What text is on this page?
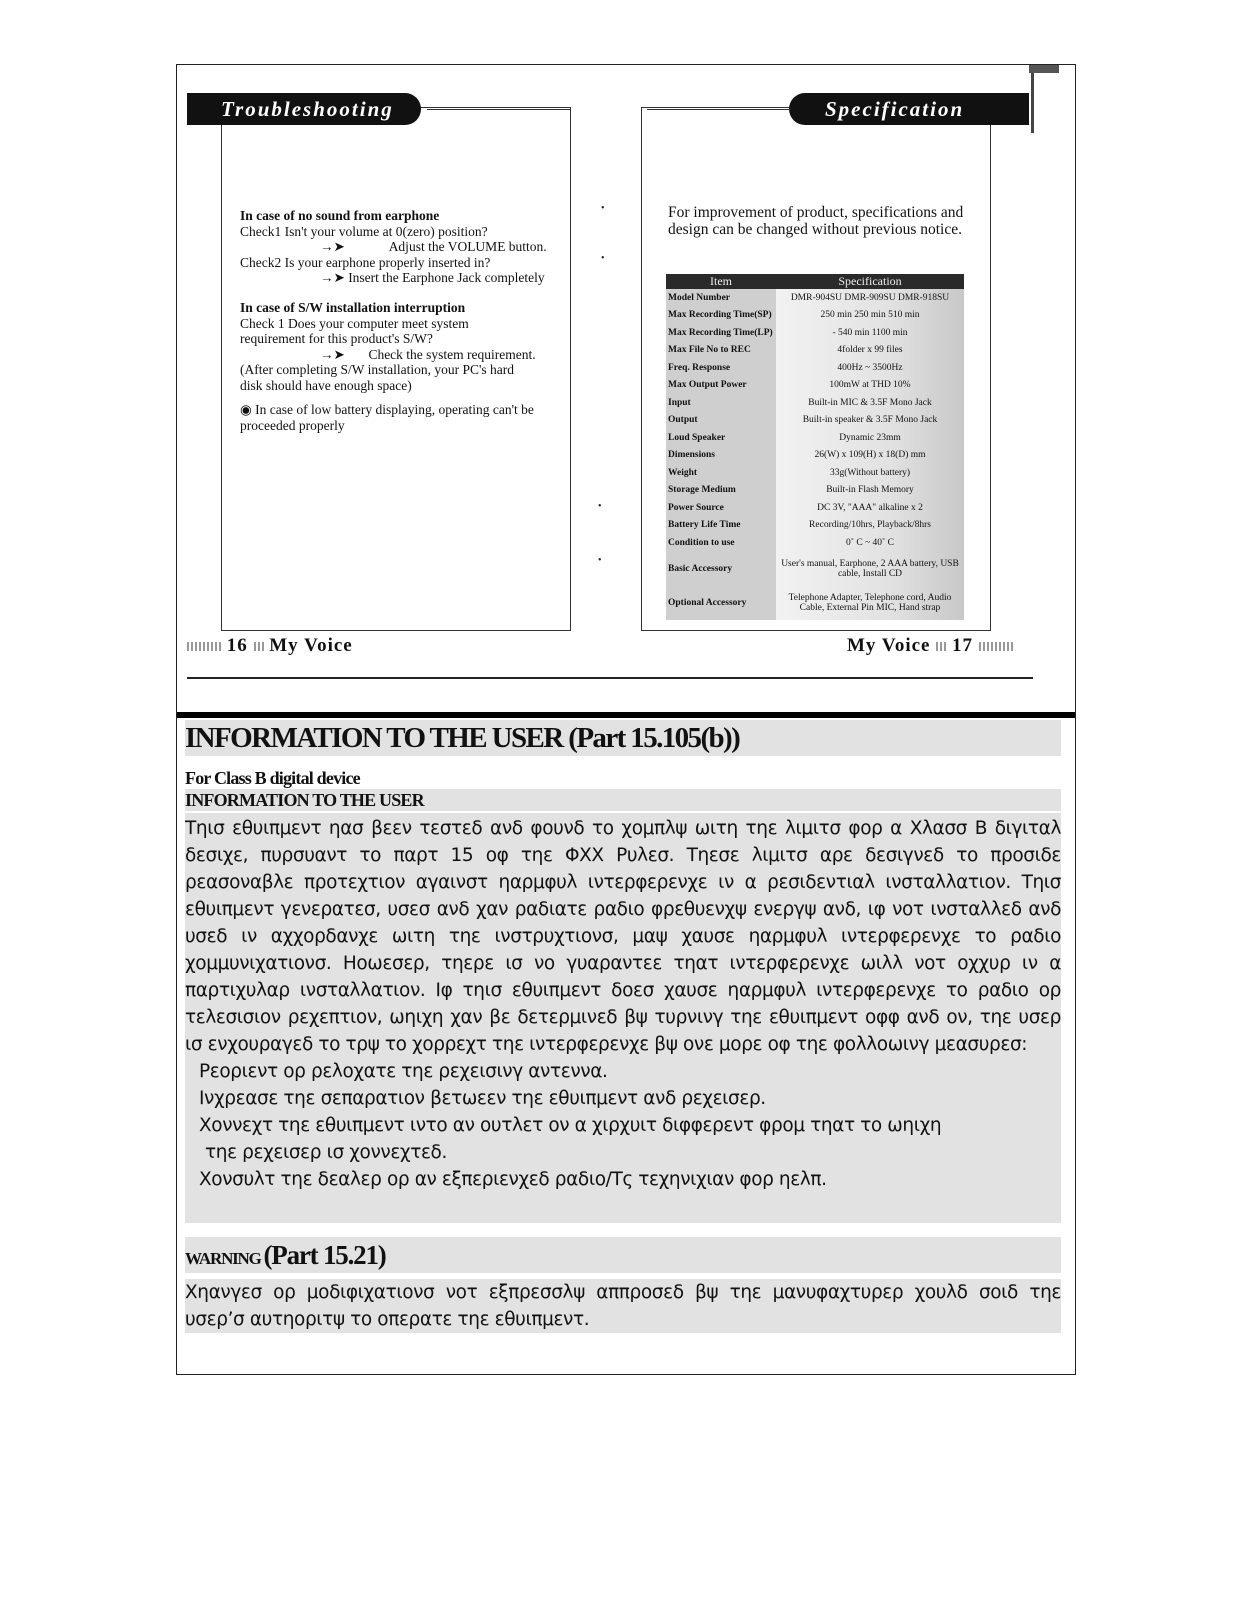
In case of no sound from earphone
Check1 Isn't your volume at 0(zero) position?
→➤	Adjust the VOLUME button.
Check2 Is your earphone properly inserted in?
→➤ Insert the Earphone Jack completely
In case of S/W installation interruption
Check 1 Does your computer meet system
requirement for this product's S/W?
→➤ Check the system requirement.
(After completing S/W installation, your PC's hard
disk should have enough space)
◉ In case of low battery displaying, operating can't be
proceeded properly
For improvement of product, specifications and design can be changed without previous notice.
Item	Specification
Model Number	DMR-904SU DMR-909SU DMR-918SU
Max Recording Time(SP)	250 min 250 min 510 min
Max Recording Time(LP)	- 540 min 1100 min
Max File No to REC	4folder x 99 files
Freq. Response	400Hz ~ 3500Hz
Max Output Power	100mW at THD 10%
Input	Built-in MIC & 3.5F Mono Jack
Output	Built-in speaker & 3.5F Mono Jack
Loud Speaker	Dynamic 23mm
Dimensions	26(W) x 109(H) x 18(D) mm
Weight	33g(Without battery)
Storage Medium	Built-in Flash Memory
Power Source	DC 3V, "AAA" alkaline x 2
Battery Life Time	Recording/10hrs, Playback/8hrs
Condition to use	0˚ C ~ 40˚ C
Basic Accessory	User's manual, Earphone, 2 AAA battery, USB cable, Install CD
Optional Accessory	Telephone Adapter, Telephone cord, Audio Cable, External Pin MIC, Hand strap
Troubleshooting	Specification
•
•
•
•
16 My Voice	My Voice 17
INFORMATION TO THE USER (Part 15.105(b))
For Class B digital device
INFORMATION TO THE USER

Τηισ εθυιπμεντ ηασ βεεν τεστεδ ανδ φουνδ το χομπλψ ωιτη τηε λιμιτσ φορ α Χλασσ Β διγιταλ δεσιχε, πυρσυαντ το παρτ 15 οφ τηε ΦΧΧ Ρυλεσ. Τηεσε λιμιτσ αρε δεσιγνεδ το προσιδε ρεασοναβλε προτεχτιον αγαινστ ηαρμφυλ ιντερφερενχε ιν α ρεσιδεντιαλ ινσταλλατιον. Τηισ εθυιπμεντ γενερατεσ, υσεσ ανδ χαν ραδιατε ραδιο φρεθυενχψ ενεργψ ανδ, ιφ νοτ ινσταλλεδ ανδ υσεδ ιν αχχορδανχε ωιτη τηε ινστρυχτιονσ, μαψ χαυσε ηαρμφυλ ιντερφερενχε το ραδιο χομμυνιχατιονσ. Ηοωεσερ, τηερε ισ νο γυαραντεε τηατ ιντερφερενχε ωιλλ νοτ οχχυρ ιν α παρτιχυλαρ ινσταλλατιον. Ιφ τηισ εθυιπμεντ δοεσ χαυσε ηαρμφυλ ιντερφερενχε το ραδιο ορ τελεσισιον ρεχεπτιον, ωηιχη χαν βε δετερμινεδ βψ τυρνινγ τηε εθυιπμεντ οφφ ανδ ον, τηε υσερ ισ ενχουραγεδ το τρψ το χορρεχτ τηε ιντερφερενχε βψ ονε μορε οφ τηε φολλοωινγ μεασυρεσ:

Ρεοριεντ ορ ρελοχατε τηε ρεχεισινγ αντεννα.
Ινχρεασε τηε σεπαρατιον βετωεεν τηε εθυιπμεντ ανδ ρεχεισερ.
Χοννεχτ τηε εθυιπμεντ ιντο αν ουτλετ ον α χιρχυιτ διφφερεντ φρομ τηατ το ωηιχη
τηε ρεχεισερ ισ χοννεχτεδ.
Χονσυλτ τηε δεαλερ ορ αν εξπεριενχεδ ραδιο/Τς τεχηνιχιαν φορ ηελπ.
WARNING (Part 15.21)

Χηανγεσ ορ μοδιφιχατιονσ νοτ εξπρεσσλψ αππροσεδ βψ τηε μανυφαχτυρερ χουλδ σοιδ τηε υσερ’σ αυτηοριτψ το οπερατε τηε εθυιπμεντ.
